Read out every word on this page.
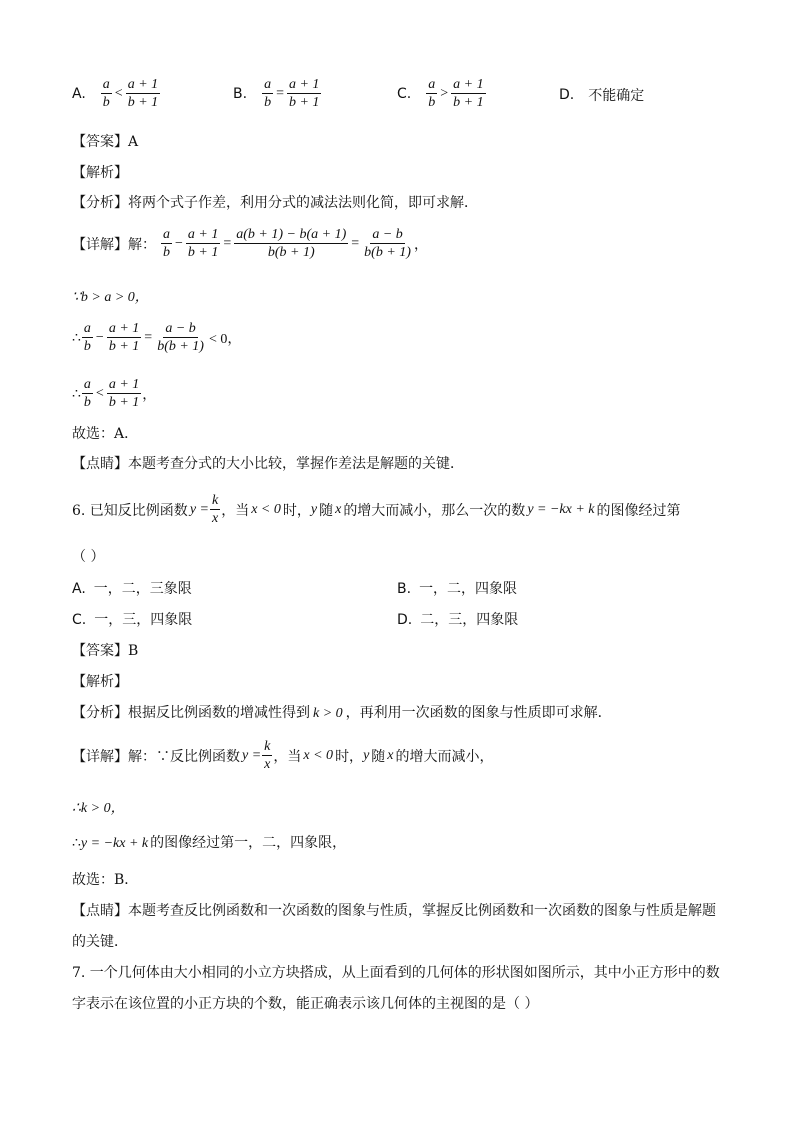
A. $\frac{a}{b} < \frac{a + 1}{b + 1}$	B. $\frac{a}{b} = \frac{a + 1}{b + 1}$	C. $\frac{a}{b} > \frac{a + 1}{b + 1}$	D. 不能确定
【答案】A
【解析】
【分析】将两个式子作差，利用分式的减法法则化简，即可求解．
【详解】 解： $\frac{a}{b} - \frac{a + 1}{b + 1} = \frac{a(b + 1) - b(a + 1)}{b(b + 1)} = \frac{a - b}{b(b + 1)}$ ，
∵b > a > 0，
∴ $\frac{a}{b} - \frac{a + 1}{b + 1} = \frac{a - b}{b(b + 1)} < 0$，
∴ $\frac{a}{b} < \frac{a + 1}{b + 1}$ ，
故选：A．
【点睛】本题考查分式的大小比较，掌握作差法是解题的关键．
6. 已知反比例函数 $y = \frac{k}{x}$ ，当 x < 0 时， y 随 x 的增大而减小，那么一次的数 y = −kx + k 的图像经过第
（ ）
A. 一，二，三象限	B. 一，二，四象限
C. 一，三，四象限	D. 二，三，四象限
【答案】B
【解析】
【分析】根据反比例函数的增减性得到 k > 0 ，再利用一次函数的图象与性质即可求解．
【详解】 解：∵反比例函数 $y = \frac{k}{x}$ ，当 x < 0 时， y 随 x 的增大而减小，
∴k > 0，
∴y = −kx + k 的图像经过第一，二，四象限，
故选：B．
【点睛】本题考查反比例函数和一次函数的图象与性质，掌握反比例函数和一次函数的图象与性质是解题
的关键．
7. 一个几何体由大小相同的小立方块搭成，从上面看到的几何体的形状图如图所示，其中小正方形中的数
字表示在该位置的小正方块的个数，能正确表示该几何体的主视图的是（ ）
